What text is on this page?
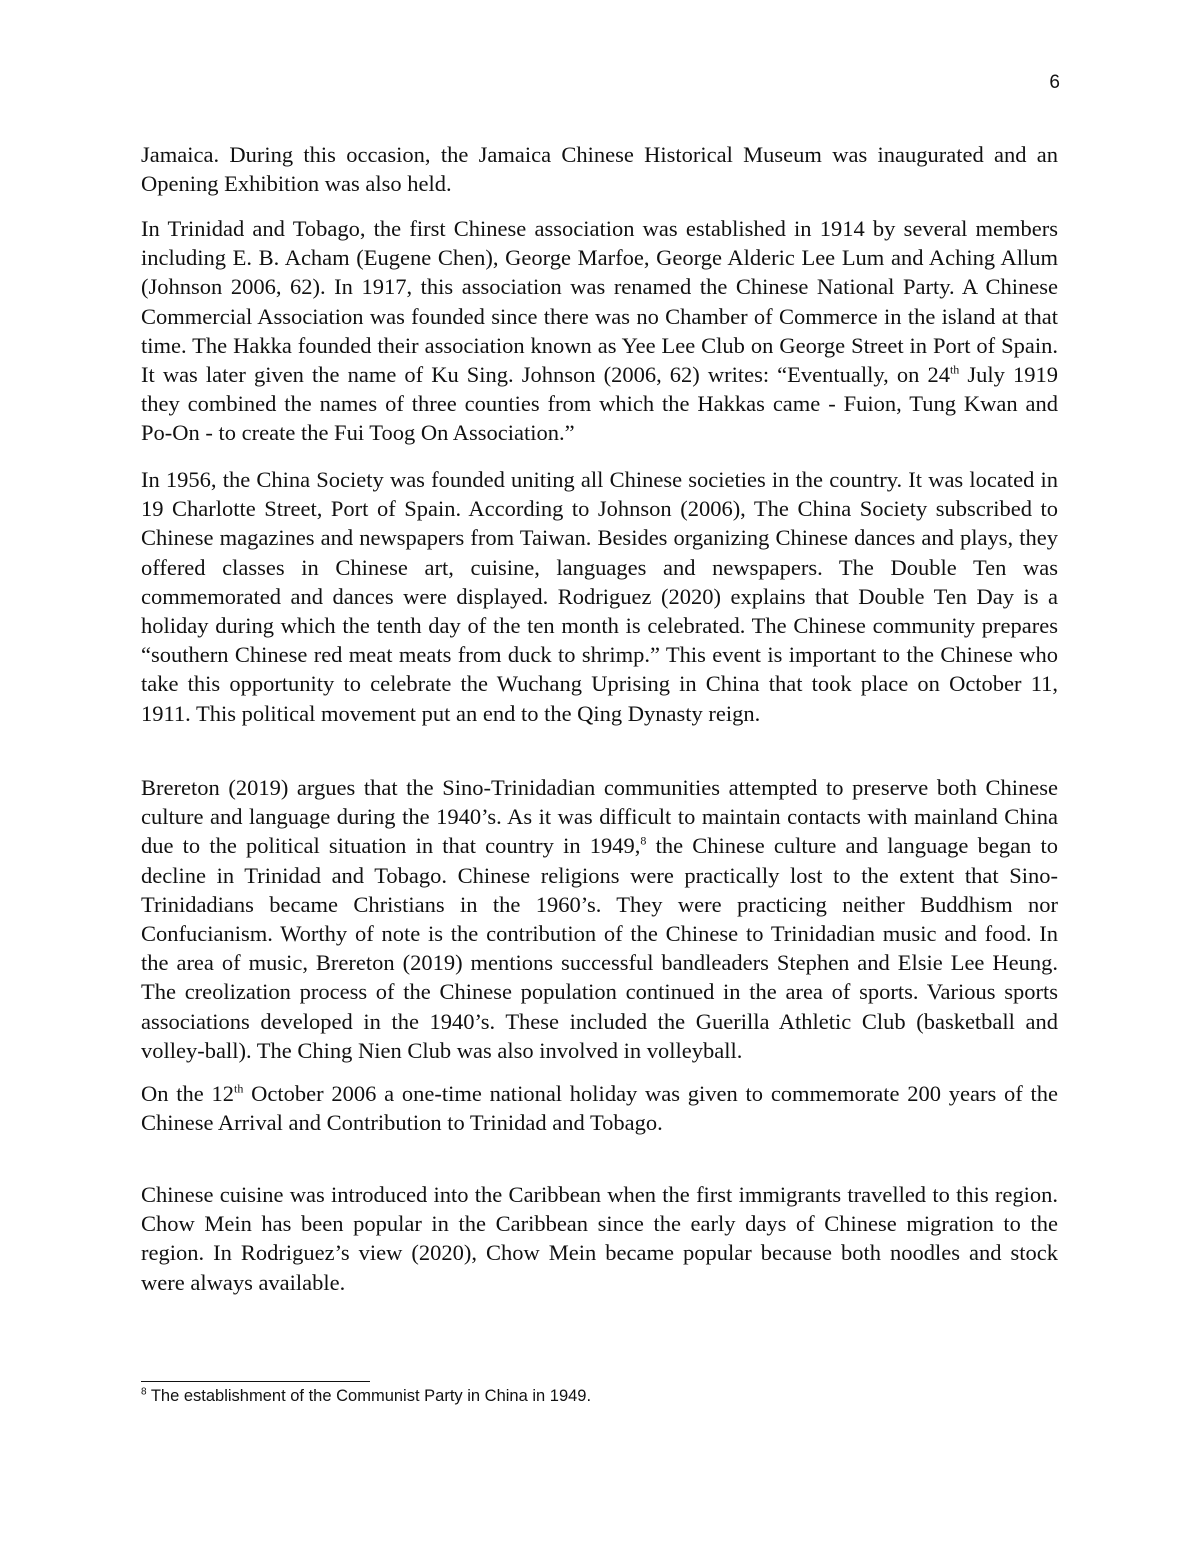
6

Jamaica. During this occasion, the Jamaica Chinese Historical Museum was inaugurated and an Opening Exhibition was also held.

In Trinidad and Tobago, the first Chinese association was established in 1914 by several members including E. B. Acham (Eugene Chen), George Marfoe, George Alderic Lee Lum and Aching Allum (Johnson 2006, 62). In 1917, this association was renamed the Chinese National Party. A Chinese Commercial Association was founded since there was no Chamber of Commerce in the island at that time. The Hakka founded their association known as Yee Lee Club on George Street in Port of Spain. It was later given the name of Ku Sing. Johnson (2006, 62) writes: “Eventually, on 24th July 1919 they combined the names of three counties from which the Hakkas came - Fuion, Tung Kwan and Po-On - to create the Fui Toog On Association.”

In 1956, the China Society was founded uniting all Chinese societies in the country. It was located in 19 Charlotte Street, Port of Spain. According to Johnson (2006), The China Society subscribed to Chinese magazines and newspapers from Taiwan. Besides organizing Chinese dances and plays, they offered classes in Chinese art, cuisine, languages and newspapers. The Double Ten was commemorated and dances were displayed. Rodriguez (2020) explains that Double Ten Day is a holiday during which the tenth day of the ten month is celebrated. The Chinese community prepares “southern Chinese red meat meats from duck to shrimp.” This event is important to the Chinese who take this opportunity to celebrate the Wuchang Uprising in China that took place on October 11, 1911. This political movement put an end to the Qing Dynasty reign.

Brereton (2019) argues that the Sino-Trinidadian communities attempted to preserve both Chinese culture and language during the 1940’s. As it was difficult to maintain contacts with mainland China due to the political situation in that country in 1949,$^8$ the Chinese culture and language began to decline in Trinidad and Tobago. Chinese religions were practically lost to the extent that Sino-Trinidadians became Christians in the 1960’s. They were practicing neither Buddhism nor Confucianism. Worthy of note is the contribution of the Chinese to Trinidadian music and food. In the area of music, Brereton (2019) mentions successful bandleaders Stephen and Elsie Lee Heung. The creolization process of the Chinese population continued in the area of sports. Various sports associations developed in the 1940’s. These included the Guerilla Athletic Club (basketball and volley-ball). The Ching Nien Club was also involved in volleyball.

On the 12th October 2006 a one-time national holiday was given to commemorate 200 years of the Chinese Arrival and Contribution to Trinidad and Tobago.

Chinese cuisine was introduced into the Caribbean when the first immigrants travelled to this region. Chow Mein has been popular in the Caribbean since the early days of Chinese migration to the region. In Rodriguez’s view (2020), Chow Mein became popular because both noodles and stock were always available.

$^8$ The establishment of the Communist Party in China in 1949.
